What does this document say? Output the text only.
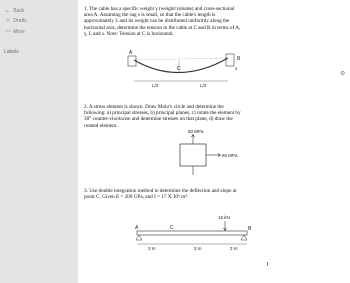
← Back
○ Drafts
⋯ More
Labels
1. The cable has a specific weight γ (weight/volume) and cross-sectional area A. Assuming the sag s is small, so that the cable's length is approximately L and its weight can be distributed uniformly along the horizontal axis, determine the tension in the cable at C and B in terms of A, γ, L and s. Note: Tension at C is horizontal.
A
C
B
s
L/2	L/2
2. A stress element is shown. Draw Mohr's circle and determine the following: a) principal stresses, b) principal planes, c) rotate the element by 30° counter-clockwise and determine stresses on that plane, d) draw the rotated element.
80 MPa
60 MPa
3. Use double integration method to determine the deflection and slope at point C. Given E = 200 GPa, and I = 17 X 10⁶ m⁴.
16 kN
A	C	B
3 m	3 m	3 m
1
⚙
